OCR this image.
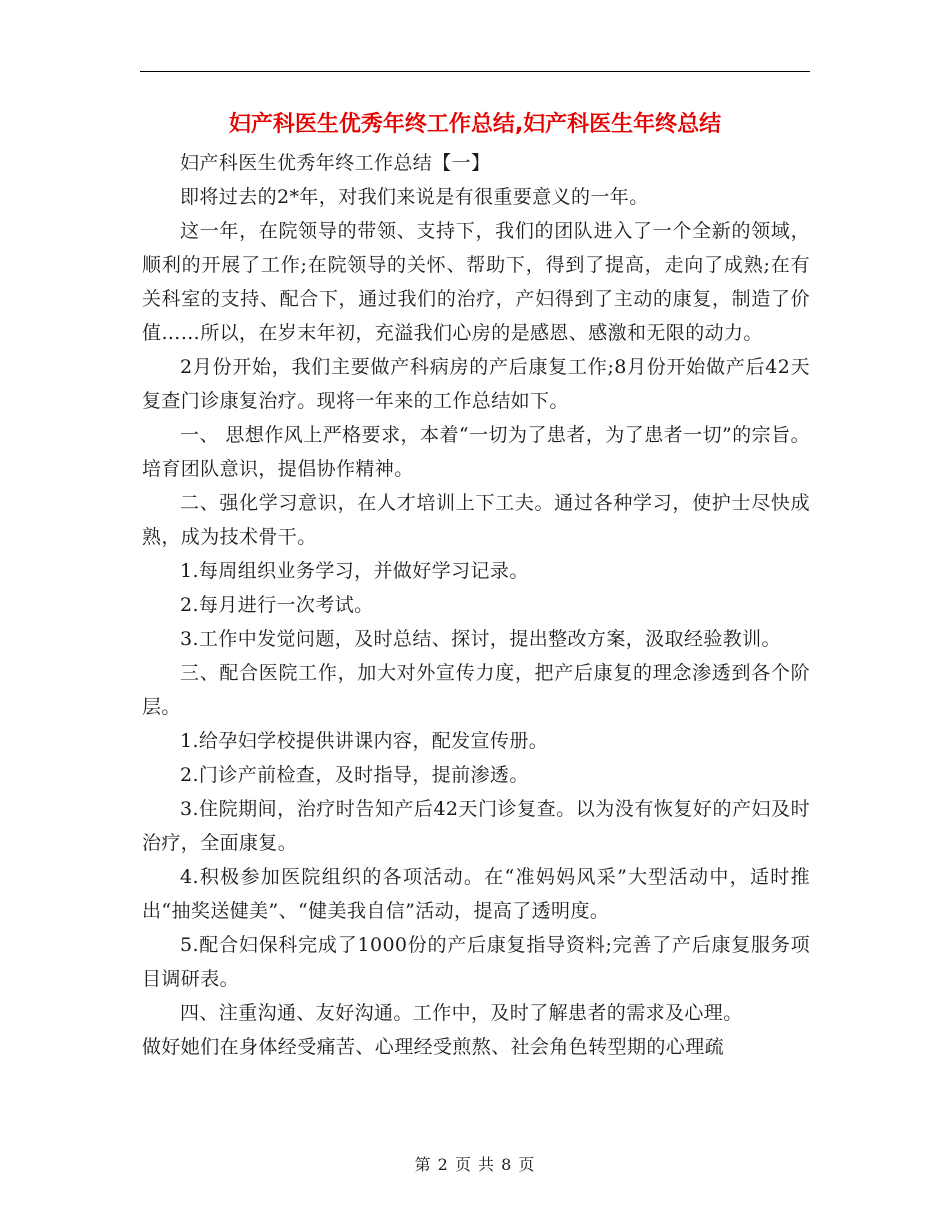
妇产科医生优秀年终工作总结,妇产科医生年终总结

妇产科医生优秀年终工作总结【一】

即将过去的2*年，对我们来说是有很重要意义的一年。

这一年，在院领导的带领、支持下，我们的团队进入了一个全新的领域，顺利的开展了工作;在院领导的关怀、帮助下，得到了提高，走向了成熟;在有关科室的支持、配合下，通过我们的治疗，产妇得到了主动的康复，制造了价值……所以，在岁末年初，充溢我们心房的是感恩、感激和无限的动力。

2月份开始，我们主要做产科病房的产后康复工作;8月份开始做产后42天复查门诊康复治疗。现将一年来的工作总结如下。

一、 思想作风上严格要求，本着“一切为了患者，为了患者一切”的宗旨。培育团队意识，提倡协作精神。

二、强化学习意识，在人才培训上下工夫。通过各种学习，使护士尽快成熟，成为技术骨干。

1.每周组织业务学习，并做好学习记录。

2.每月进行一次考试。

3.工作中发觉问题，及时总结、探讨，提出整改方案，汲取经验教训。

三、配合医院工作，加大对外宣传力度，把产后康复的理念渗透到各个阶层。

1.给孕妇学校提供讲课内容，配发宣传册。

2.门诊产前检查，及时指导，提前渗透。

3.住院期间，治疗时告知产后42天门诊复查。以为没有恢复好的产妇及时治疗，全面康复。

4.积极参加医院组织的各项活动。在“准妈妈风采”大型活动中，适时推出“抽奖送健美”、“健美我自信”活动，提高了透明度。

5.配合妇保科完成了1000份的产后康复指导资料;完善了产后康复服务项目调研表。

四、注重沟通、友好沟通。工作中，及时了解患者的需求及心理。

做好她们在身体经受痛苦、心理经受煎熬、社会角色转型期的心理疏

第 2 页 共 8 页
